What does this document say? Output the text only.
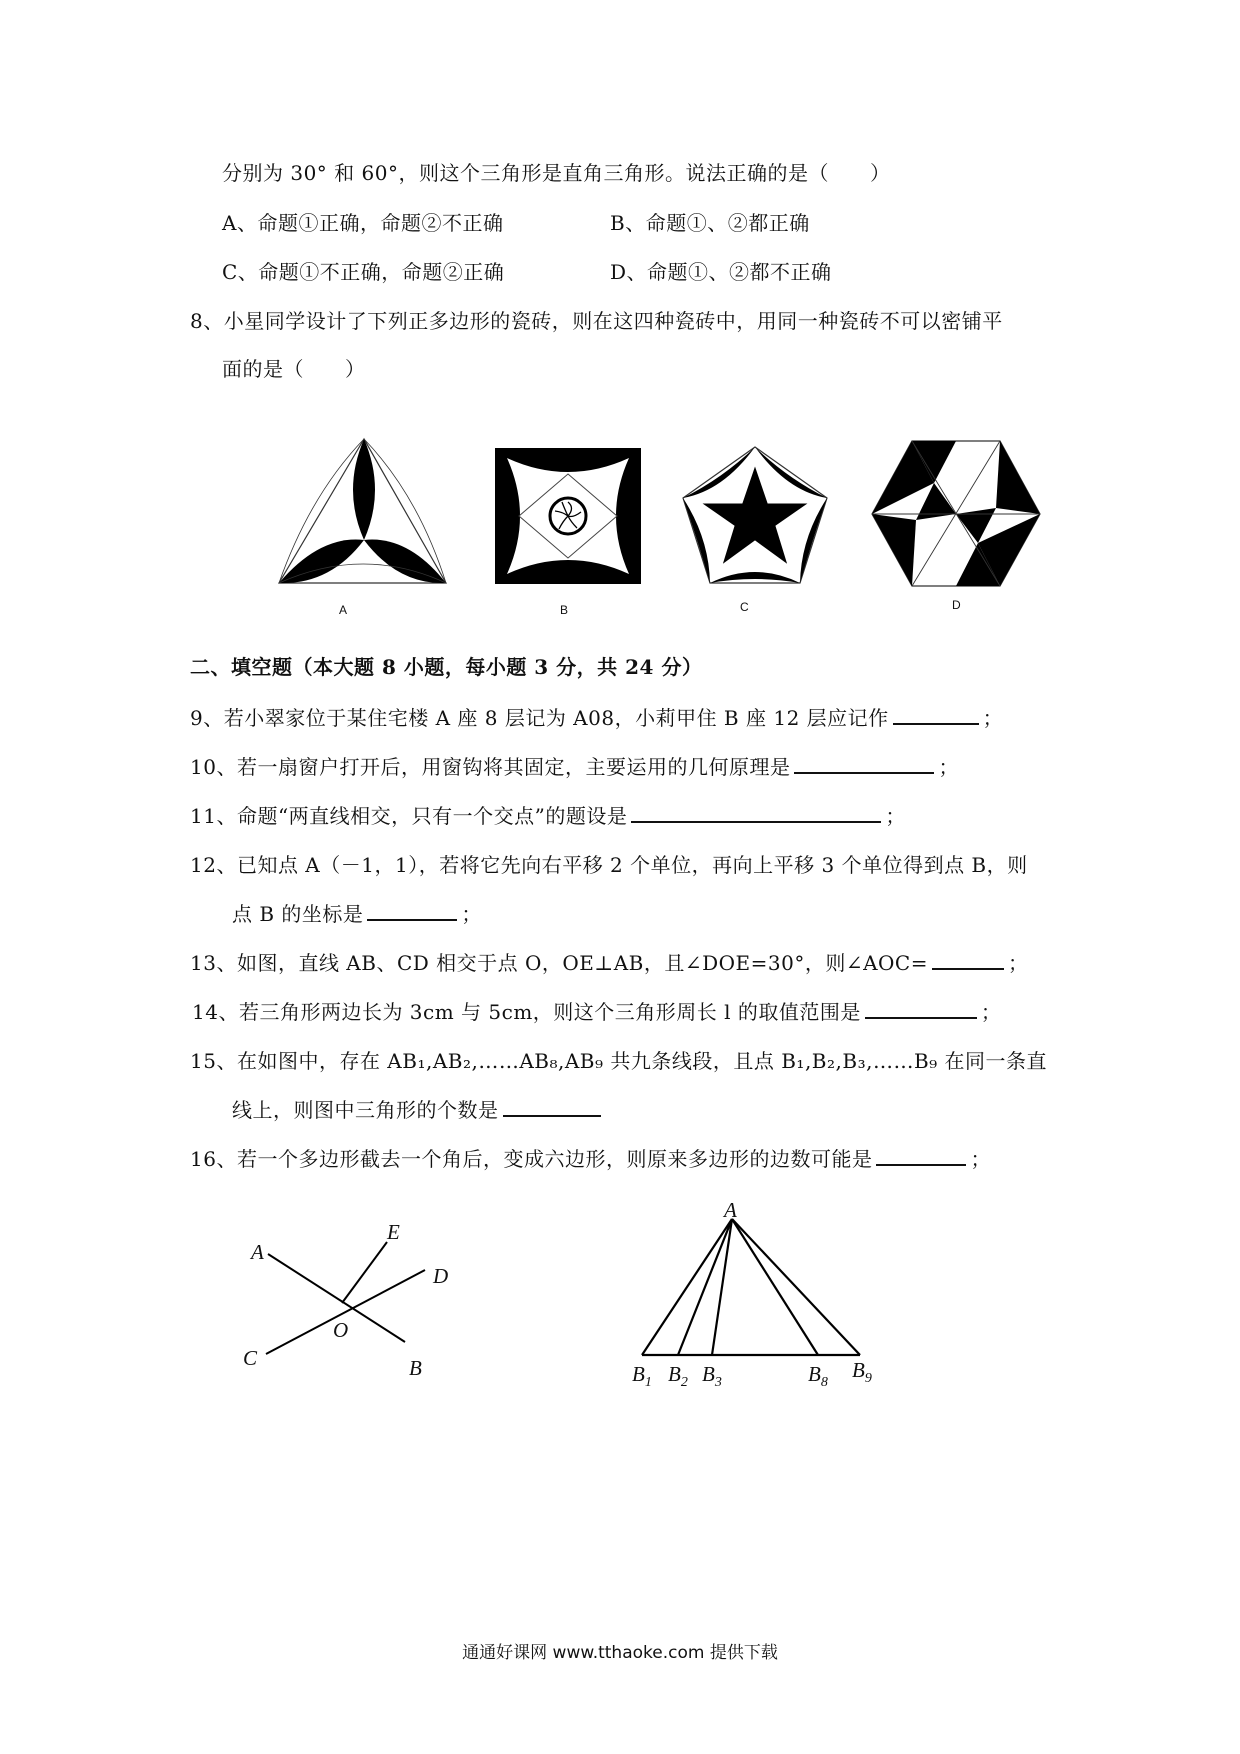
分别为 30° 和 60°，则这个三角形是直角三角形。说法正确的是（　　）
A、命题①正确，命题②不正确	B、命题①、②都正确
C、命题①不正确，命题②正确	D、命题①、②都不正确
8、小星同学设计了下列正多边形的瓷砖，则在这四种瓷砖中，用同一种瓷砖不可以密铺平
面的是（　　）
A	B	C	D
二、填空题（本大题 8 小题，每小题 3 分，共 24 分）
9、若小翠家位于某住宅楼 A 座 8 层记为 A08，小莉甲住 B 座 12 层应记作	；
10、若一扇窗户打开后，用窗钩将其固定，主要运用的几何原理是	；
11、命题“两直线相交，只有一个交点”的题设是	；
12、已知点 A（－1，1），若将它先向右平移 2 个单位，再向上平移 3 个单位得到点 B，则
点 B 的坐标是	；
13、如图，直线 AB、CD 相交于点 O，OE⊥AB，且∠DOE=30°，则∠AOC=	；
14、若三角形两边长为 3cm 与 5cm，则这个三角形周长 l 的取值范围是	；
15、在如图中，存在 AB₁,AB₂,……AB₈,AB₉ 共九条线段，且点 B₁,B₂,B₃,……B₉ 在同一条直
线上，则图中三角形的个数是
16、若一个多边形截去一个角后，变成六边形，则原来多边形的边数可能是	；
A
E
D
O
C	B
A
$B_1$ $B_2$ $B_3$	$B_8$
$B_9$
通通好课网 www.tthaoke.com 提供下载
